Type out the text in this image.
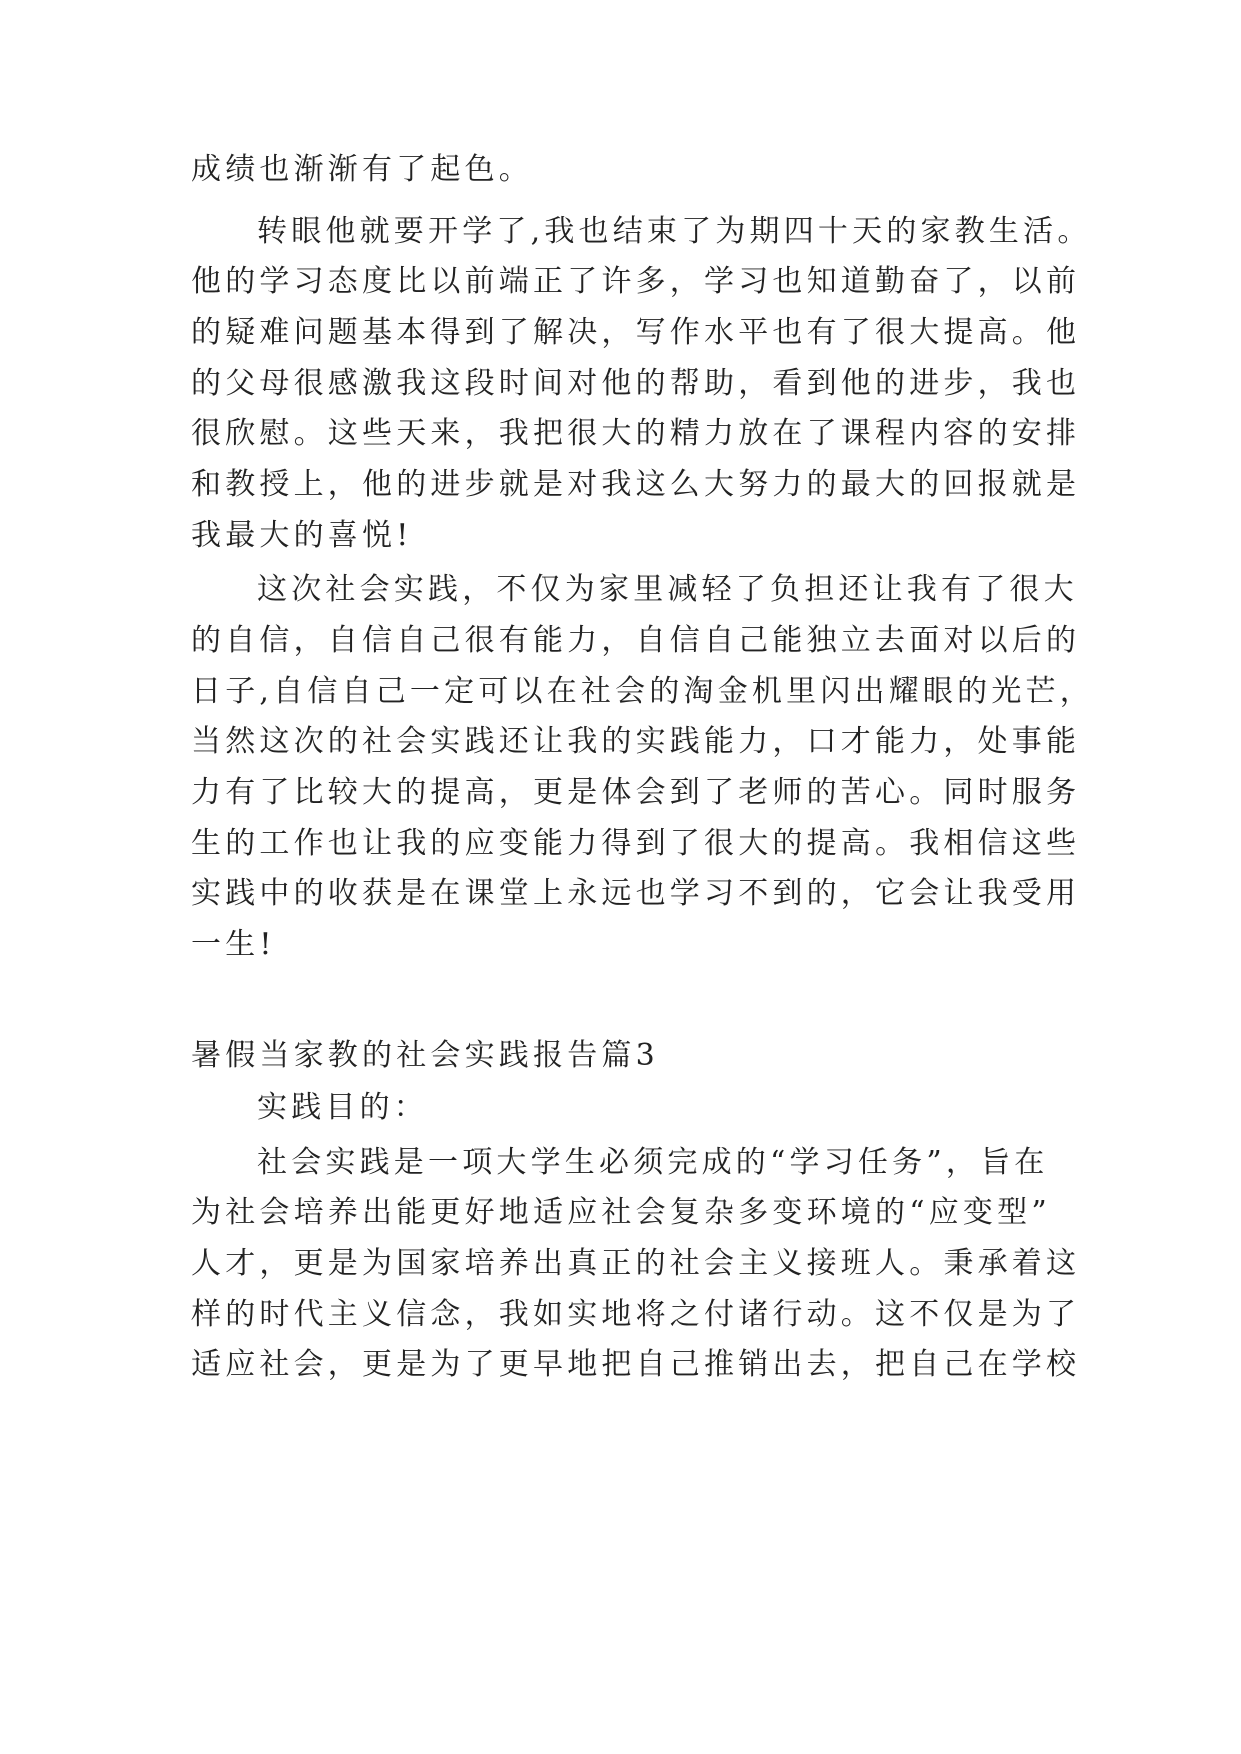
成绩也渐渐有了起色。
转眼他就要开学了,我也结束了为期四十天的家教生活。
他的学习态度比以前端正了许多，学习也知道勤奋了，以前
的疑难问题基本得到了解决，写作水平也有了很大提高。他
的父母很感激我这段时间对他的帮助，看到他的进步，我也
很欣慰。这些天来，我把很大的精力放在了课程内容的安排
和教授上，他的进步就是对我这么大努力的最大的回报就是
我最大的喜悦!
这次社会实践，不仅为家里减轻了负担还让我有了很大
的自信，自信自己很有能力，自信自己能独立去面对以后的
日子,自信自己一定可以在社会的淘金机里闪出耀眼的光芒，
当然这次的社会实践还让我的实践能力，口才能力，处事能
力有了比较大的提高，更是体会到了老师的苦心。同时服务
生的工作也让我的应变能力得到了很大的提高。我相信这些
实践中的收获是在课堂上永远也学习不到的，它会让我受用
一生!
暑假当家教的社会实践报告篇3
实践目的：
社会实践是一项大学生必须完成的“学习任务”，旨在
为社会培养出能更好地适应社会复杂多变环境的“应变型”
人才，更是为国家培养出真正的社会主义接班人。秉承着这
样的时代主义信念，我如实地将之付诸行动。这不仅是为了
适应社会，更是为了更早地把自己推销出去，把自己在学校
